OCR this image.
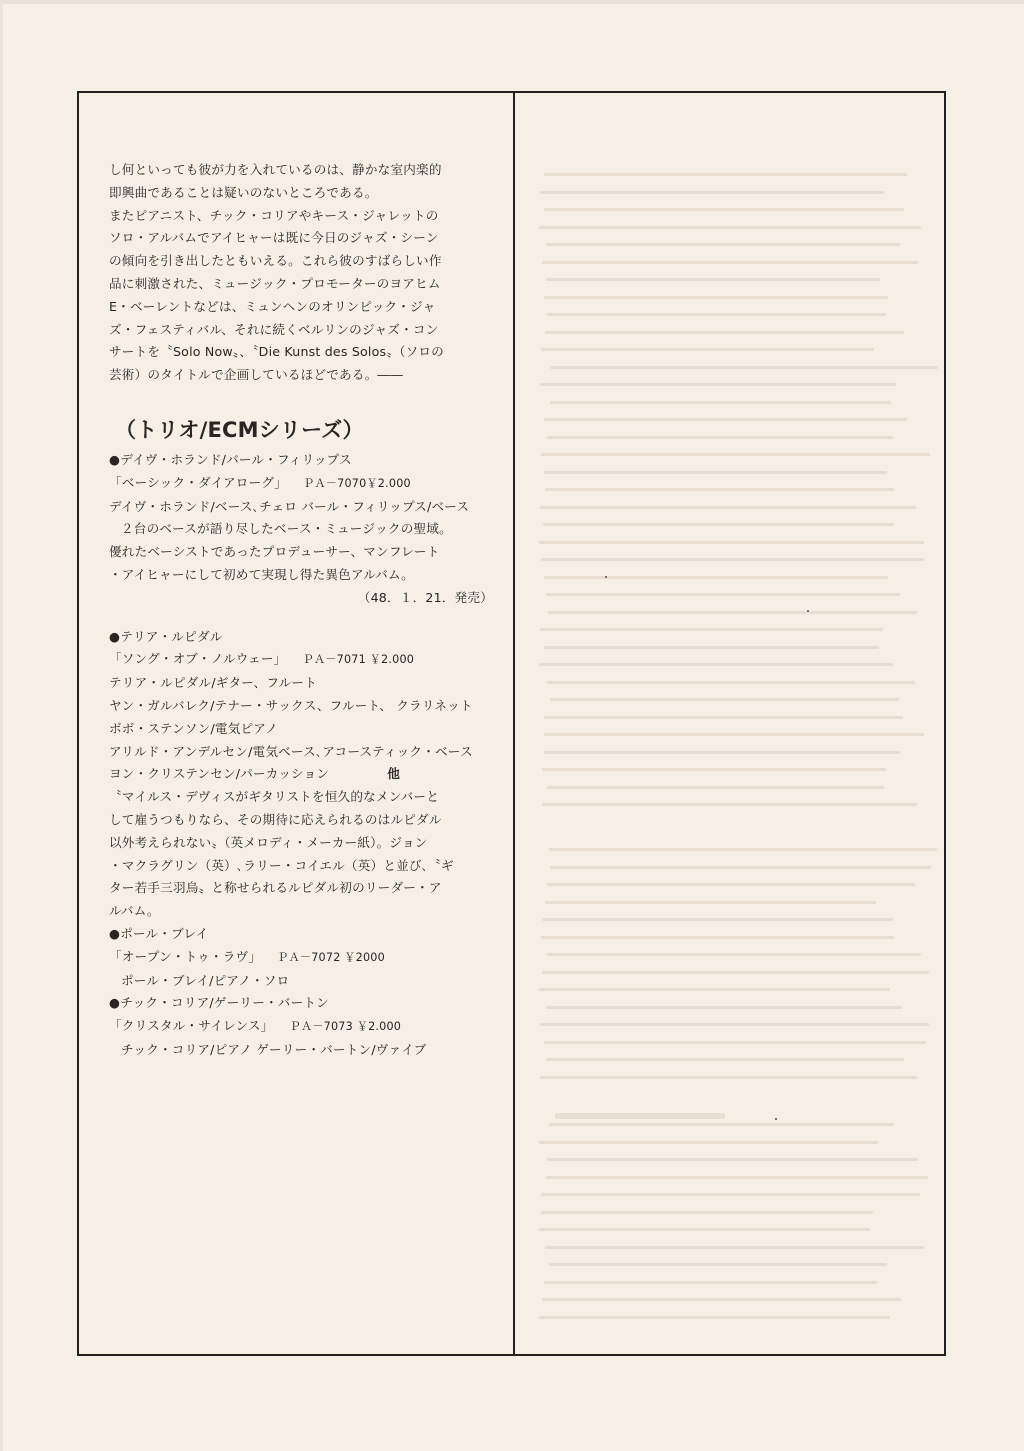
し何といっても彼が力を入れているのは、静かな室内楽的
即興曲であることは疑いのないところである。
またピアニスト、チック・コリアやキース・ジャレットの
ソロ・アルバムでアイヒャーは既に今日のジャズ・シーン
の傾向を引き出したともいえる。これら彼のすばらしい作
品に刺激された、ミュージック・プロモーターのヨアヒム
E・ベーレントなどは、ミュンヘンのオリンピック・ジャ
ズ・フェスティバル、それに続くベルリンのジャズ・コン
サートを〝Solo Now〟、〝Die Kunst des Solos〟（ソロの
芸術）のタイトルで企画しているほどである。――
（トリオ/ECMシリーズ）
●デイヴ・ホランド/バール・フィリップス
「ベーシック・ダイアローグ」 ＰＡ－7070￥2.000
デイヴ・ホランド/ベース､チェロ バール・フィリップス/ベース
２台のベースが語り尽したベース・ミュージックの聖域。
優れたベーシストであったプロデューサー、マンフレート
・アイヒャーにして初めて実現し得た異色アルバム。
（48．１．21．発売）
●テリア・ルピダル
「ソング・オブ・ノルウェー」 ＰＡ－7071 ￥2.000
テリア・ルピダル/ギター、フルート
ヤン・ガルバレク/テナー・サックス、フルート、 クラリネット
ボボ・ステンソン/電気ピアノ
アリルド・アンデルセン/電気ベース､アコースティック・ベース
ヨン・クリステンセン/パーカッション	他
〝マイルス・デヴィスがギタリストを恒久的なメンバーと
して雇うつもりなら、その期待に応えられるのはルピダル
以外考えられない〟（英メロディ・メーカー紙）。ジョン
・マクラグリン（英）､ラリー・コイエル（英）と並び､〝ギ
ター若手三羽烏〟と称せられるルピダル初のリーダー・ア
ルバム。
●ポール・ブレイ
「オープン・トゥ・ラヴ」 ＰＡ－7072 ￥2000
ポール・ブレイ/ピアノ・ソロ
●チック・コリア/ゲーリー・バートン
「クリスタル・サイレンス」 ＰＡ－7073 ￥2.000
チック・コリア/ピアノ ゲーリー・バートン/ヴァイブ
